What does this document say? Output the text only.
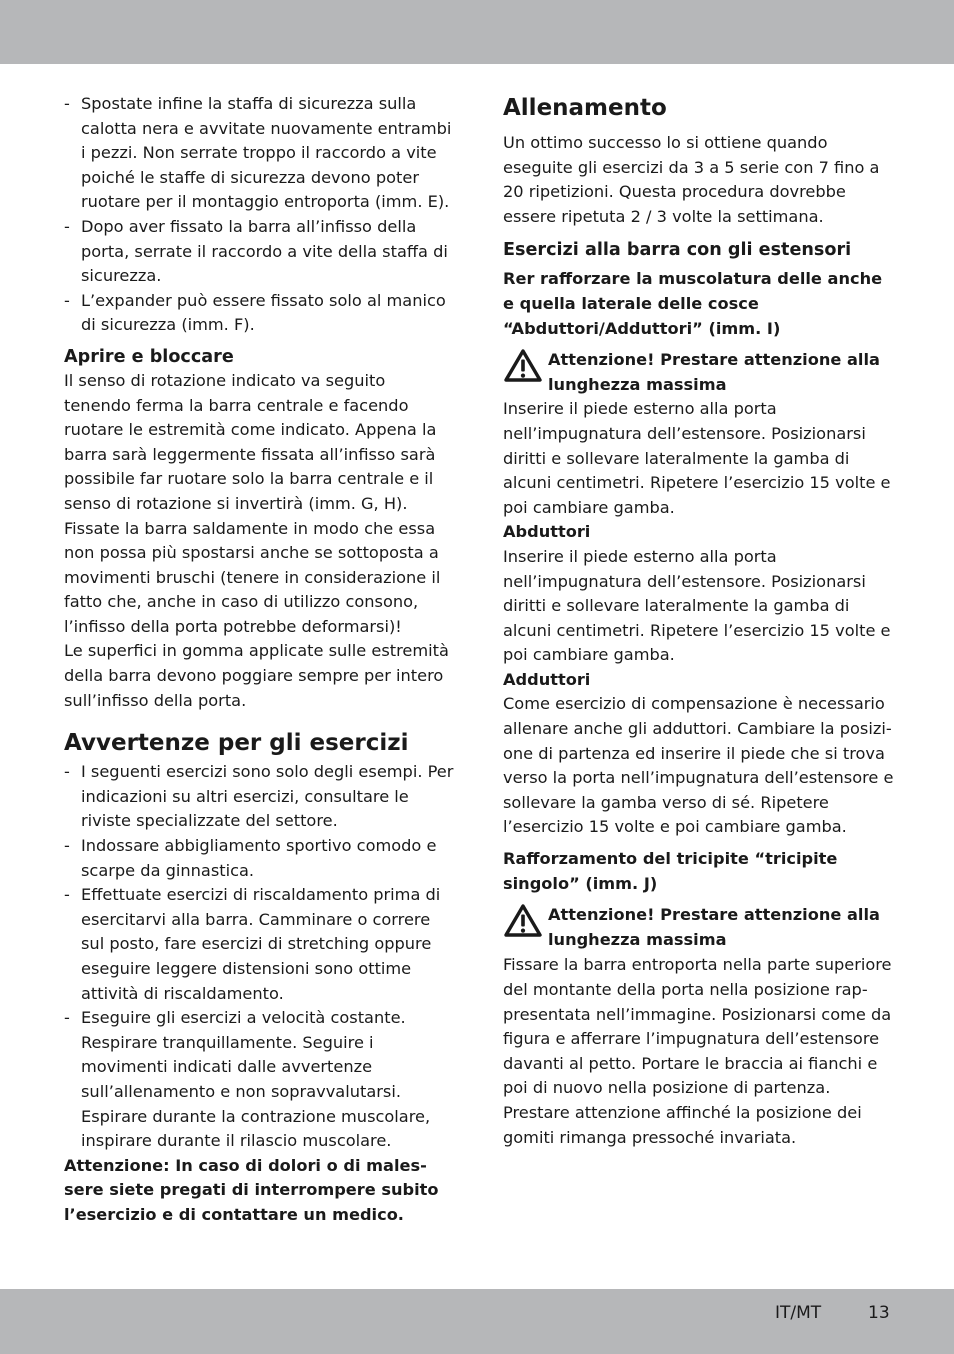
- Spostate infine la staffa di sicurezza sulla calotta nera e avvitate nuovamente entrambi i pezzi. Non serrate troppo il raccordo a vite poiché le staffe di sicurezza devono poter ruotare per il montaggio entroporta (imm. E).
- Dopo aver fissato la barra all’infisso della porta, serrate il raccordo a vite della staffa di sicurezza.
- L’expander può essere fissato solo al manico di sicurezza (imm. F).
Aprire e bloccare

Il senso di rotazione indicato va seguito tenendo ferma la barra centrale e facendo ruotare le estremità come indicato. Appena la barra sarà leggermente fissata all’infisso sarà possibile far ruotare solo la barra centrale e il senso di rotazione si invertirà (imm. G, H).

Fissate la barra saldamente in modo che essa non possa più spostarsi anche se sottoposta a movimenti bruschi (tenere in considerazione il fatto che, anche in caso di utilizzo consono, l’infisso della porta potrebbe deformarsi)!

Le superfici in gomma applicate sulle estremità della barra devono poggiare sempre per intero sull’infisso della porta.

Avvertenze per gli esercizi
- I seguenti esercizi sono solo degli esempi. Per indicazioni su altri esercizi, consultare le riviste specializzate del settore.
- Indossare abbigliamento sportivo comodo e scarpe da ginnastica.
- Effettuate esercizi di riscaldamento prima di esercitarvi alla barra. Camminare o correre sul posto, fare esercizi di stretching oppure eseguire leggere distensioni sono ottime attività di riscaldamento.
- Eseguire gli esercizi a velocità costante. Respirare tranquillamente. Seguire i movimenti indicati dalle avvertenze sull’allenamento e non sopravvalutarsi. Espirare durante la contrazione muscolare, inspirare durante il rilascio muscolare.

Attenzione: In caso di dolori o di malessere siete pregati di interrompere subito l’esercizio e di contattare un medico.

Allenamento

Un ottimo successo lo si ottiene quando eseguite gli esercizi da 3 a 5 serie con 7 fino a 20 ripetizioni. Questa procedura dovrebbe essere ripetuta 2 / 3 volte la settimana.

Esercizi alla barra con gli estensori

Rer rafforzare la muscolatura delle anche e quella laterale delle cosce “Abduttori/Adduttori” (imm. I)

Attenzione! Prestare attenzione alla lunghezza massima

Inserire il piede esterno alla porta nell’impugnatura dell’estensore. Posizionarsi diritti e sollevare lateralmente la gamba di alcuni centimetri. Ripetere l’esercizio 15 volte e poi cambiare gamba.

Abduttori

Inserire il piede esterno alla porta nell’impugnatura dell’estensore. Posizionarsi diritti e sollevare lateralmente la gamba di alcuni centimetri. Ripetere l’esercizio 15 volte e poi cambiare gamba.

Adduttori

Come esercizio di compensazione è necessario allenare anche gli adduttori. Cambiare la posizione di partenza ed inserire il piede che si trova verso la porta nell’impugnatura dell’estensore e sollevare la gamba verso di sé. Ripetere l’esercizio 15 volte e poi cambiare gamba.

Rafforzamento del tricipite “tricipite singolo” (imm. J)

Attenzione! Prestare attenzione alla lunghezza massima

Fissare la barra entroporta nella parte superiore del montante della porta nella posizione rappresentata nell’immagine. Posizionarsi come da figura e afferrare l’impugnatura dell’estensore davanti al petto. Portare le braccia ai fianchi e poi di nuovo nella posizione di partenza. Prestare attenzione affinché la posizione dei gomiti rimanga pressoché invariata.

IT/MT	13
